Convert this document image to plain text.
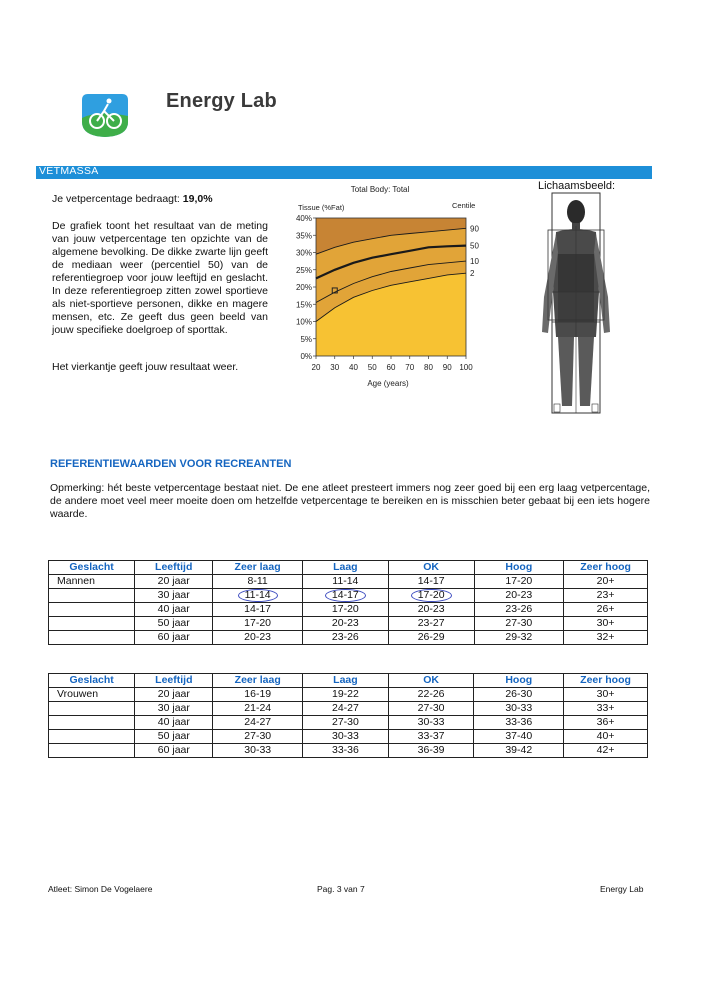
Energy Lab
VETMASSA
Je vetpercentage bedraagt: 19,0%
De grafiek toont het resultaat van de meting van jouw vetpercentage ten opzichte van de algemene bevolking. De dikke zwarte lijn geeft de mediaan weer (percentiel 50) van de referentiegroep voor jouw leeftijd en geslacht. In deze referentiegroep zitten zowel sportieve als niet-sportieve personen, dikke en magere mensen, etc. Ze geeft dus geen beeld van jouw specifieke doelgroep of sporttak.
Het vierkantje geeft jouw resultaat weer.
Total Body: Total
Tissue (%Fat)	Centile
Age (years)
0%
5%
10%
15%
20%
25%
30%
35%
40%
20 30 40 50 60 70 80 90 100
90
50
10
2
Lichaamsbeeld:
REFERENTIEWAARDEN VOOR RECREANTEN
Opmerking: hét beste vetpercentage bestaat niet. De ene atleet presteert immers nog zeer goed bij een erg laag vetpercentage, de andere moet veel meer moeite doen om hetzelfde vetpercentage te bereiken en is misschien beter gebaat bij een iets hogere waarde.
Geslacht	Leeftijd	Zeer laag	Laag	OK	Hoog	Zeer hoog
Mannen	20 jaar	8-11	11-14	14-17	17-20	20+
	30 jaar	11-14	14-17	17-20	20-23	23+
	40 jaar	14-17	17-20	20-23	23-26	26+
	50 jaar	17-20	20-23	23-27	27-30	30+
	60 jaar	20-23	23-26	26-29	29-32	32+
Geslacht	Leeftijd	Zeer laag	Laag	OK	Hoog	Zeer hoog
Vrouwen	20 jaar	16-19	19-22	22-26	26-30	30+
	30 jaar	21-24	24-27	27-30	30-33	33+
	40 jaar	24-27	27-30	30-33	33-36	36+
	50 jaar	27-30	30-33	33-37	37-40	40+
	60 jaar	30-33	33-36	36-39	39-42	42+
Atleet: Simon De Vogelaere	Pag. 3 van 7	Energy Lab
